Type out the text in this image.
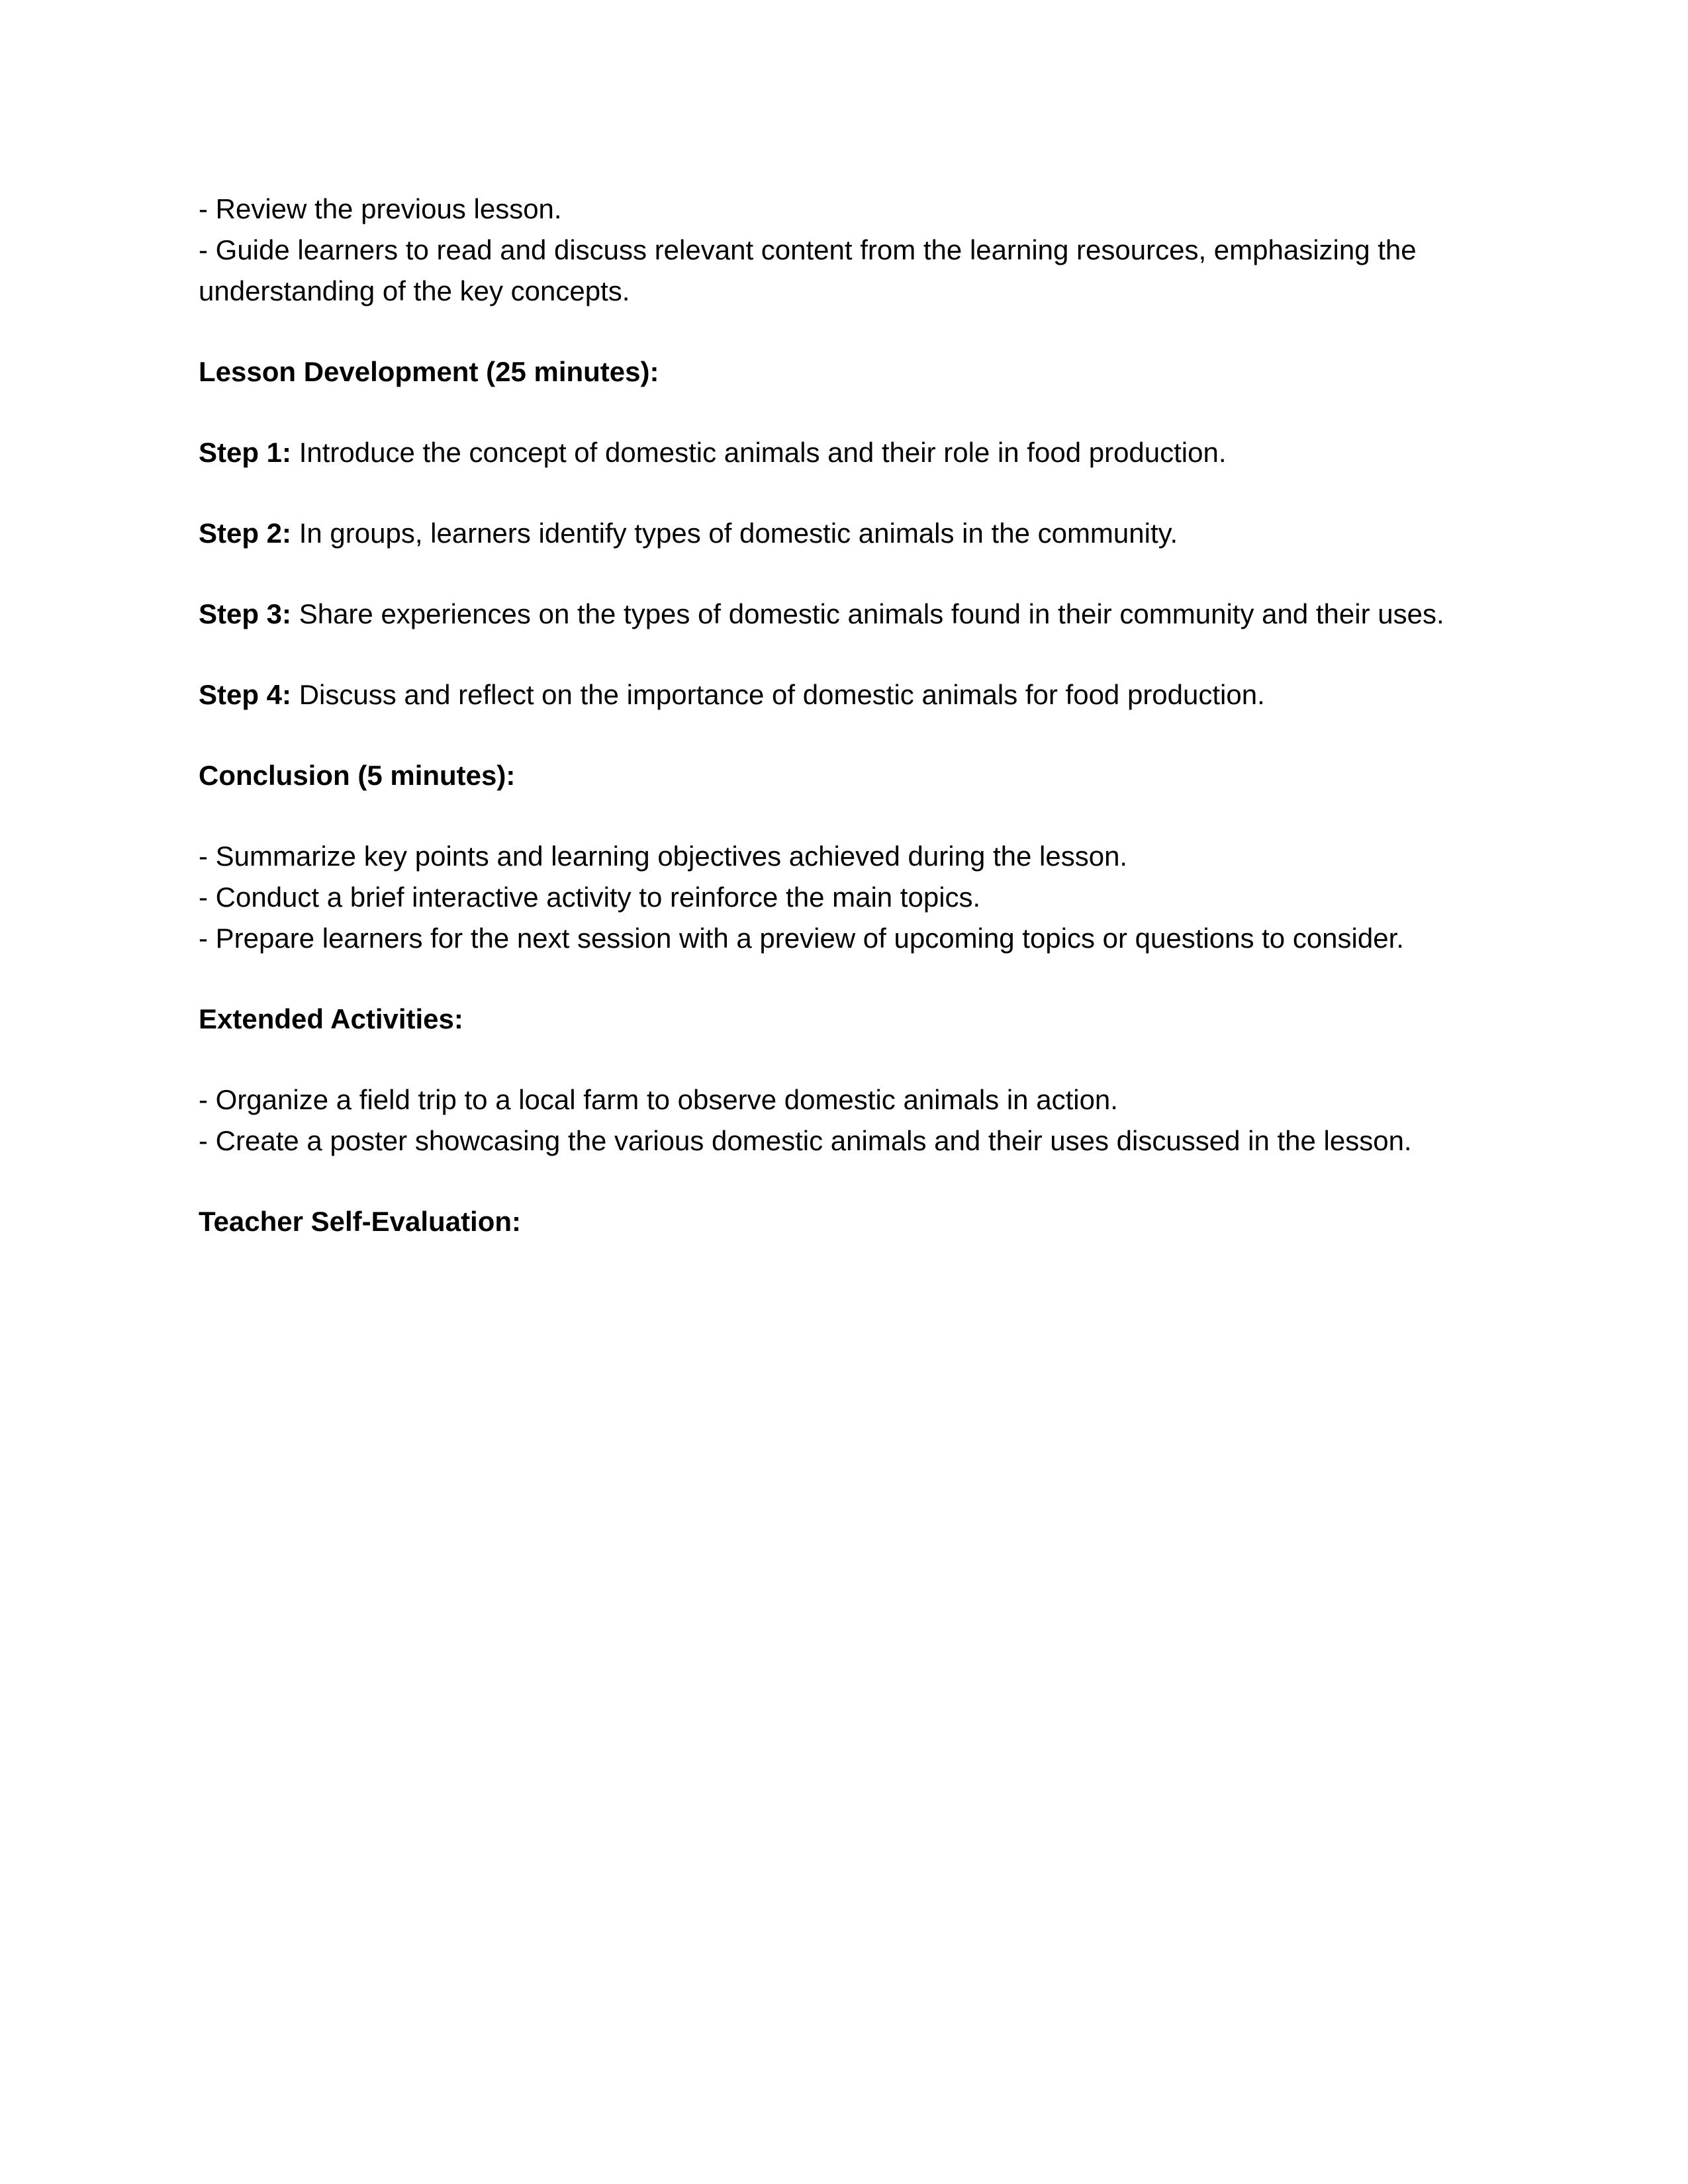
- Review the previous lesson.

- Guide learners to read and discuss relevant content from the learning resources, emphasizing the understanding of the key concepts.

Lesson Development (25 minutes):

Step 1: Introduce the concept of domestic animals and their role in food production.

Step 2: In groups, learners identify types of domestic animals in the community.

Step 3: Share experiences on the types of domestic animals found in their community and their uses.

Step 4: Discuss and reflect on the importance of domestic animals for food production.

Conclusion (5 minutes):

- Summarize key points and learning objectives achieved during the lesson.

- Conduct a brief interactive activity to reinforce the main topics.

- Prepare learners for the next session with a preview of upcoming topics or questions to consider.

Extended Activities:

- Organize a field trip to a local farm to observe domestic animals in action.

- Create a poster showcasing the various domestic animals and their uses discussed in the lesson.

Teacher Self-Evaluation:
